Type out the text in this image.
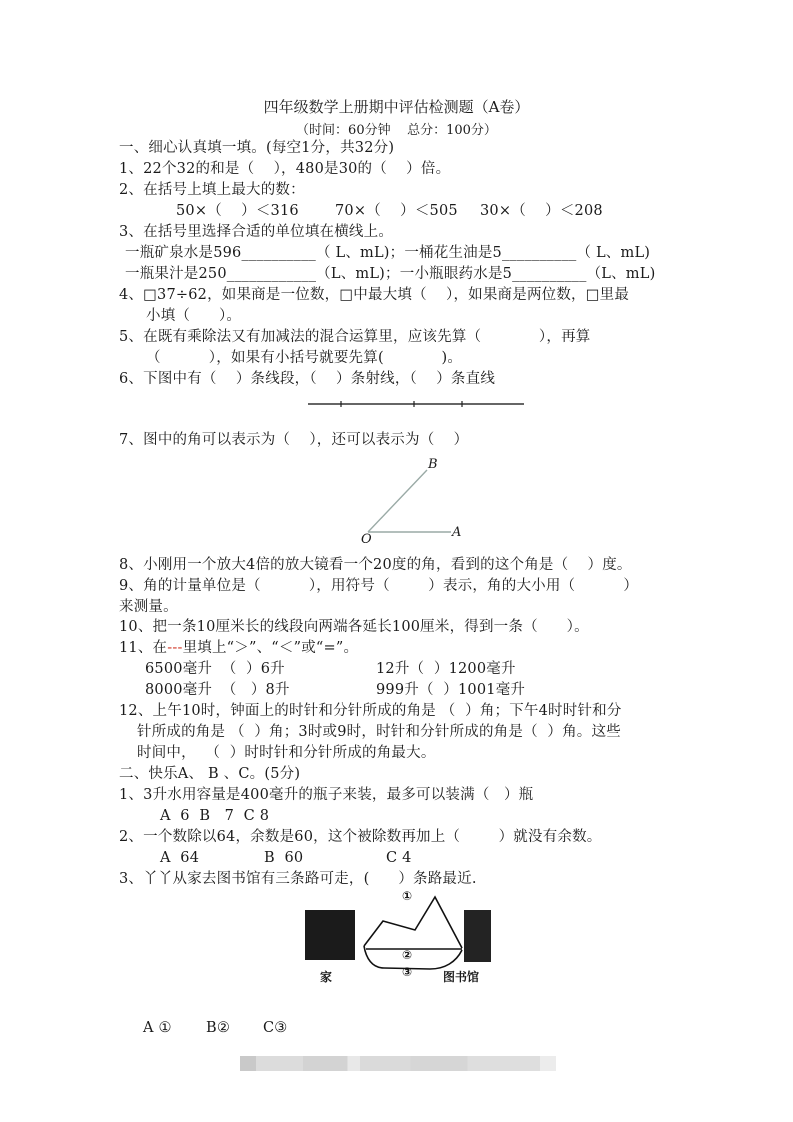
四年级数学上册期中评估检测题（A卷）
（时间：60分钟    总分：100分）
一、细心认真填一填。(每空1分，共32分)
1、22个32的和是（    ），480是30的（    ）倍。
2、在括号上填上最大的数：
50×（    ）＜316 70×（    ）＜505 30×（    ）＜208
3、在括号里选择合适的单位填在横线上。
一瓶矿泉水是596__________（ L、mL)；一桶花生油是5__________（ L、mL)
一瓶果汁是250____________（L、mL)；一小瓶眼药水是5__________（L、mL)
4、□37÷62，如果商是一位数，□中最大填（    ），如果商是两位数，□里最
小填（      ）。
5、在既有乘除法又有加减法的混合运算里，应该先算（            ），再算
（          ），如果有小括号就要先算(            )。
6、下图中有（    ）条线段，（    ）条射线，（    ）条直线
7、图中的角可以表示为（    ），还可以表示为（    ）
B
A
O
8、小刚用一个放大4倍的放大镜看一个20度的角，看到的这个角是（    ）度。
9、角的计量单位是（          ），用符号（        ）表示，角的大小用（          ）
来测量。
10、把一条10厘米长的线段向两端各延长100厘米，得到一条（      ）。
11、在---里填上“＞”、“＜”或“=”。
6500毫升  （  ）6升	12升（  ）1200毫升
8000毫升  （   ）8升	999升（  ）1001毫升
12、上午10时，钟面上的时针和分针所成的角是 （  ）角；下午4时时针和分
针所成的角是 （  ）角；3时或9时，时针和分针所成的角是（  ）角。这些
时间中，  （  ）时时针和分针所成的角最大。
二、快乐A、 B 、C。(5分)
1、3升水用容量是400毫升的瓶子来装，最多可以装满（   ）瓶
A  6  B   7  C 8
2、一个数除以64，余数是60，这个被除数再加上（        ）就没有余数。
A  64	B  60	C 4
3、丫丫从家去图书馆有三条路可走，(      ）条路最近.
①
②
③
家	图书馆
A ① B② C③
